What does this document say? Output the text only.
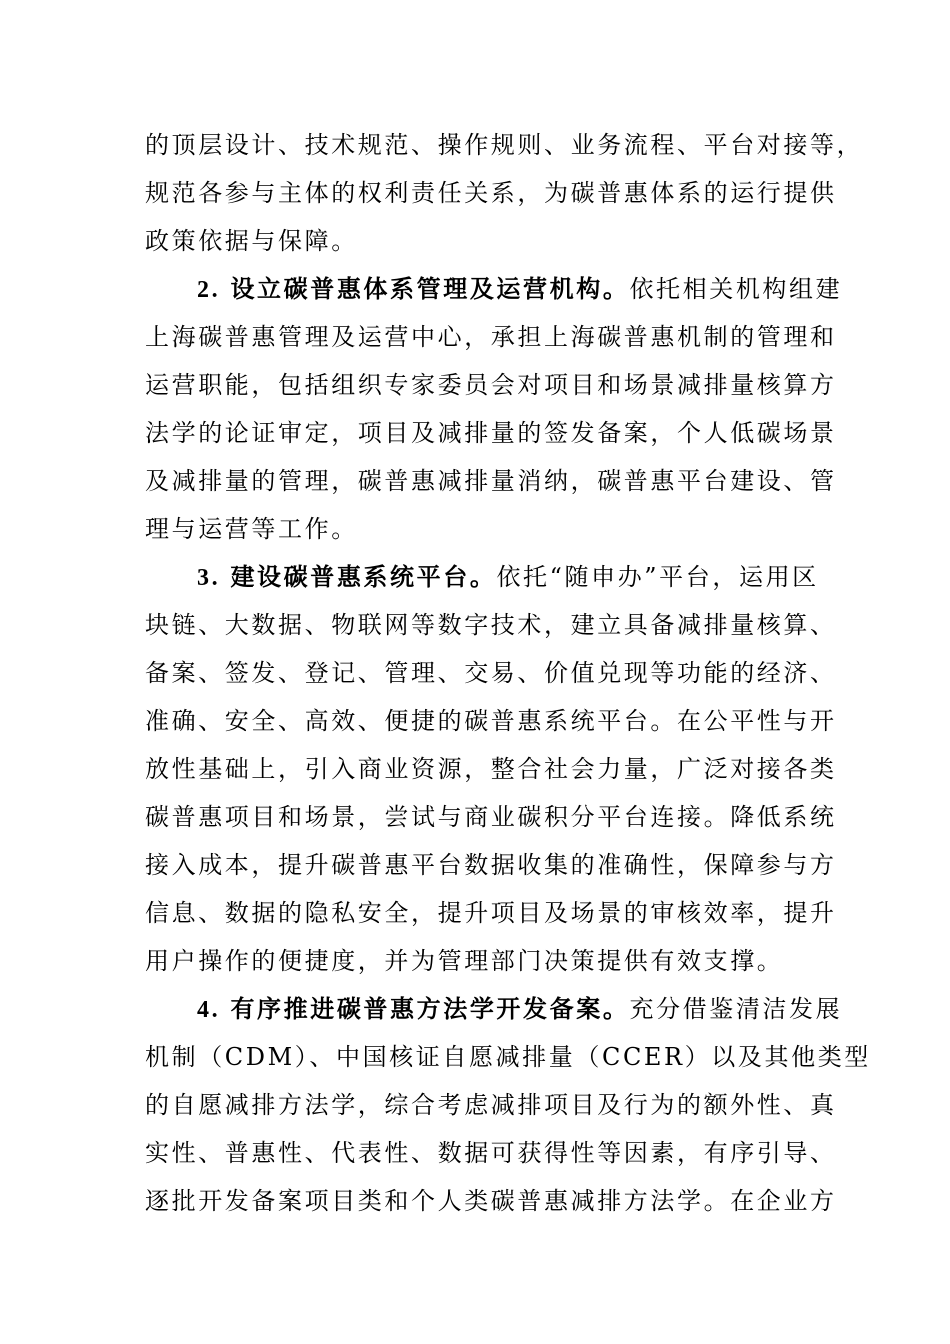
的顶层设计、技术规范、操作规则、业务流程、平台对接等，
规范各参与主体的权利责任关系，为碳普惠体系的运行提供
政策依据与保障。
2. 设立碳普惠体系管理及运营机构。依托相关机构组建
上海碳普惠管理及运营中心，承担上海碳普惠机制的管理和
运营职能，包括组织专家委员会对项目和场景减排量核算方
法学的论证审定，项目及减排量的签发备案，个人低碳场景
及减排量的管理，碳普惠减排量消纳，碳普惠平台建设、管
理与运营等工作。
3. 建设碳普惠系统平台。依托“随申办”平台，运用区
块链、大数据、物联网等数字技术，建立具备减排量核算、
备案、签发、登记、管理、交易、价值兑现等功能的经济、
准确、安全、高效、便捷的碳普惠系统平台。在公平性与开
放性基础上，引入商业资源，整合社会力量，广泛对接各类
碳普惠项目和场景，尝试与商业碳积分平台连接。降低系统
接入成本，提升碳普惠平台数据收集的准确性，保障参与方
信息、数据的隐私安全，提升项目及场景的审核效率，提升
用户操作的便捷度，并为管理部门决策提供有效支撑。
4. 有序推进碳普惠方法学开发备案。充分借鉴清洁发展
机制（CDM）、中国核证自愿减排量（CCER）以及其他类型
的自愿减排方法学，综合考虑减排项目及行为的额外性、真
实性、普惠性、代表性、数据可获得性等因素，有序引导、
逐批开发备案项目类和个人类碳普惠减排方法学。在企业方
